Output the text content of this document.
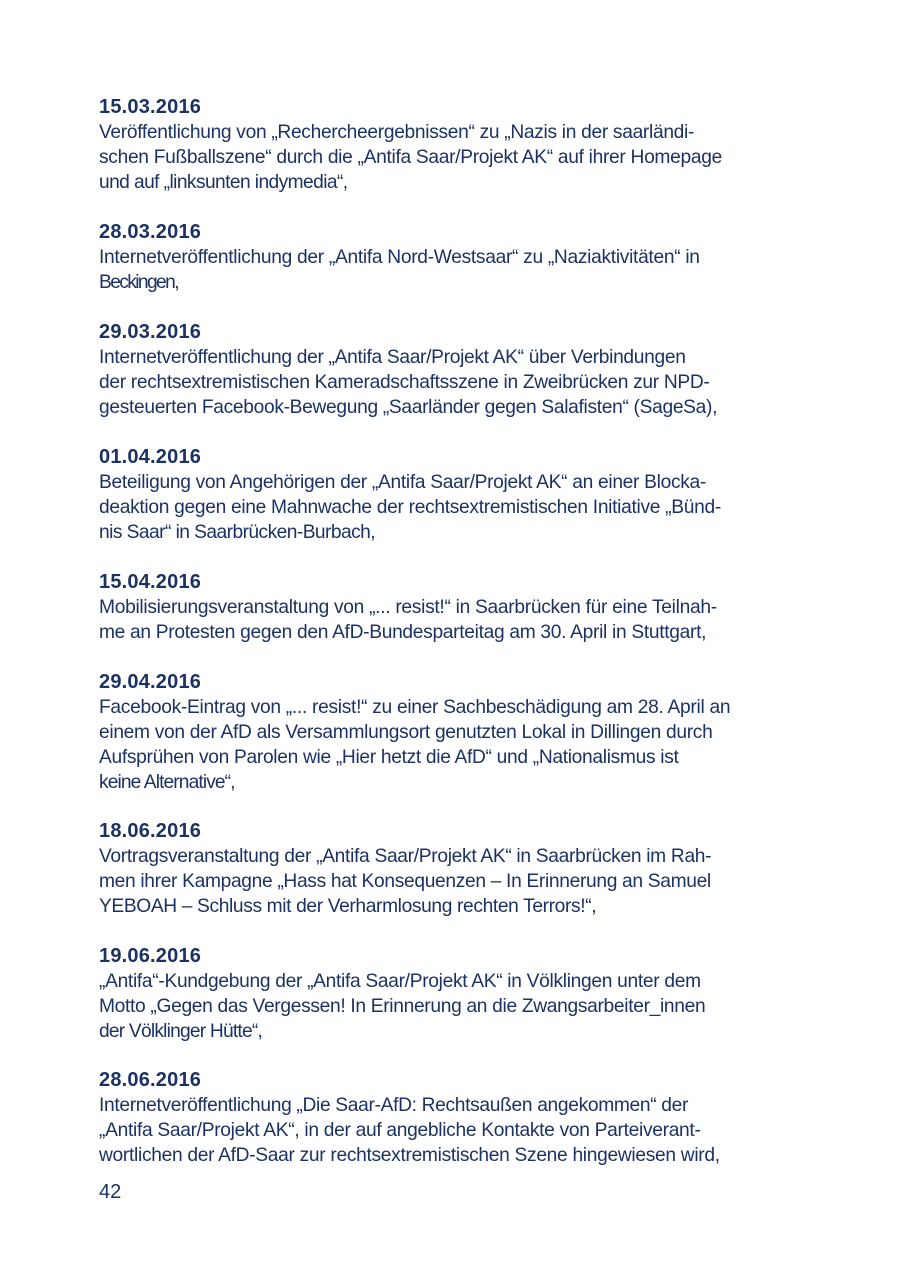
15.03.2016
Veröffentlichung von „Rechercheergebnissen“ zu „Nazis in der saarländi-
schen Fußballszene“ durch die „Antifa Saar/Projekt AK“ auf ihrer Homepage
und auf „linksunten indymedia“,
28.03.2016
Internetveröffentlichung der „Antifa Nord-Westsaar“ zu „Naziaktivitäten“ in
Beckingen,
29.03.2016
Internetveröffentlichung der „Antifa Saar/Projekt AK“ über Verbindungen
der rechtsextremistischen Kameradschaftsszene in Zweibrücken zur NPD-
gesteuerten Facebook-Bewegung „Saarländer gegen Salafisten“ (SageSa),
01.04.2016
Beteiligung von Angehörigen der „Antifa Saar/Projekt AK“ an einer Blocka-
deaktion gegen eine Mahnwache der rechtsextremistischen Initiative „Bünd-
nis Saar“ in Saarbrücken-Burbach,
15.04.2016
Mobilisierungsveranstaltung von „... resist!“ in Saarbrücken für eine Teilnah-
me an Protesten gegen den AfD-Bundesparteitag am 30. April in Stuttgart,
29.04.2016
Facebook-Eintrag von „... resist!“ zu einer Sachbeschädigung am 28. April an
einem von der AfD als Versammlungsort genutzten Lokal in Dillingen durch
Aufsprühen von Parolen wie „Hier hetzt die AfD“ und „Nationalismus ist
keine Alternative“,
18.06.2016
Vortragsveranstaltung der „Antifa Saar/Projekt AK“ in Saarbrücken im Rah-
men ihrer Kampagne „Hass hat Konsequenzen – In Erinnerung an Samuel
YEBOAH – Schluss mit der Verharmlosung rechten Terrors!“,
19.06.2016
„Antifa“-Kundgebung der „Antifa Saar/Projekt AK“ in Völklingen unter dem
Motto „Gegen das Vergessen! In Erinnerung an die Zwangsarbeiter_innen
der Völklinger Hütte“,
28.06.2016
Internetveröffentlichung „Die Saar-AfD: Rechtsaußen angekommen“ der
„Antifa Saar/Projekt AK“, in der auf angebliche Kontakte von Parteiverant-
wortlichen der AfD-Saar zur rechtsextremistischen Szene hingewiesen wird,
42
